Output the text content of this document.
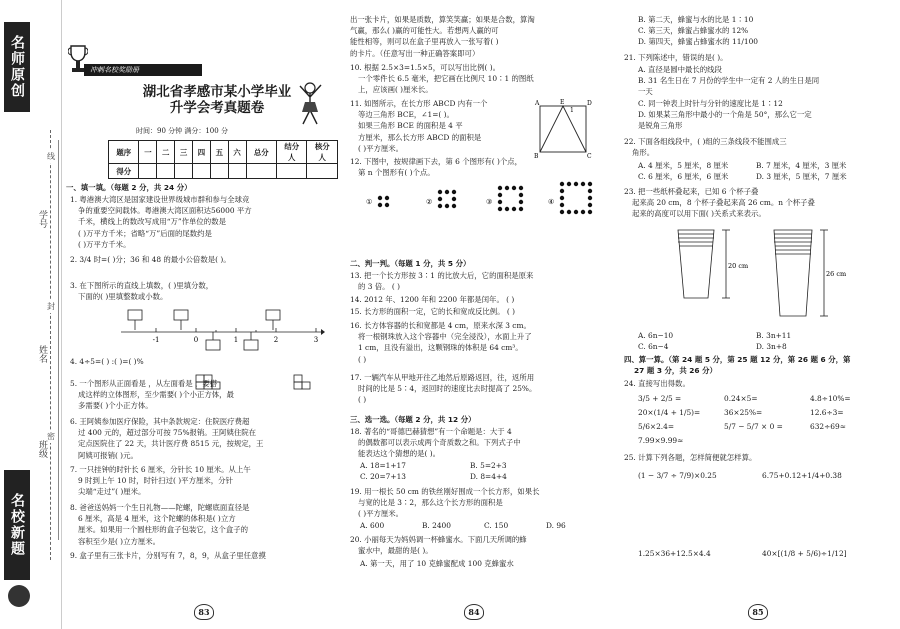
名师原创
线
封
密
学号
姓名
班级
名校新题
冲刺名校奖励册
湖北省孝感市某小学毕业
升学会考真题卷
时间：90 分钟 满分：100 分
题序	一	二	三	四	五	六	总分	结分人	核分人
得分									
一、填一填。（每题 2 分，共 24 分）
1. 粤港澳大湾区是国家建设世界级城市群和参与全球竞
争的重要空间载体。粤港澳大湾区面积达56000 平方
千米，横线上的数改写成用“万”作单位的数是
( )万平方千米；省略“万”后面的尾数约是
( )万平方千米。
2. 3/4 时=( )分；36 和 48 的最小公倍数是( )。
3. 在下图所示的直线上填数，( )里填分数，
下面的( )里填整数或小数。
-1	0	1	2	3
4. 4÷5=( ) :( )=( )%
5. 一个图形从正面看是 ，从左面看是 ，要搭
成这样的立体图形，至少需要( )个小正方体，最
多需要( )个小正方体。
6. 王阿姨参加医疗保险，其中条款规定：住院医疗费超
过 400 元的，超过部分可按 75%报销。王阿姨住院在
定点医院住了 22 天，共计医疗费 8515 元，按规定，王
阿姨可报销( )元。
7. 一只挂钟的时针长 6 厘米，分针长 10 厘米。从上午
9 时到上午 10 时，时针扫过( )平方厘米，分针
尖端“走过”( )厘米。
8. 爸爸送妈妈一个生日礼物——陀螺，陀螺底面直径是
6 厘米，高是 4 厘米，这个陀螺的体积是( )立方
厘米。如果用一个圆柱形的盒子包装它，这个盒子的
容积至少是( )立方厘米。
9. 盒子里有三张卡片，分别写有 7，8，9，从盒子里任意摸
83
出一张卡片，如果是质数，算笑笑赢；如果是合数，算淘
气赢，那么( )赢的可能性大。若想两人赢的可
能性相等，则可以在盒子里再放入一张写着( )
的卡片。（任意写出一种正确答案即可）
10. 根据 2.5×3=1.5×5，可以写出比例( )。
一个零件长 6.5 毫米，把它画在比例尺 10∶1 的图纸
上，应该画( )厘米长。
11. 如图所示，在长方形 ABCD 内有一个
等边三角形 BCE，∠1=( )。
如果三角形 BCE 的面积是 4 平
方厘米，那么长方形 ABCD 的面积是
( )平方厘米。
A	E	D
B	C
1
12. 下图中，按规律画下去，第 6 个图形有( )个点，
第 n 个图形有( )个点。
①	②	③	④
二、判一判。（每题 1 分，共 5 分）
13. 把一个长方形按 3∶1 的比放大后，它的面积是原来
的 3 倍。 ( )
14. 2012 年、1200 年和 2200 年都是闰年。 ( )
15. 长方形的面积一定，它的长和宽成反比例。 ( )
16. 长方体容器的长和宽都是 4 cm，原来水深 3 cm。
将一根钢珠放入这个容器中（完全浸没），水面上升了
1 cm，且没有溢出，这颗钢珠的体积是 64 cm³。
( )
17. 一辆汽车从甲地开往乙地然后原路返回，往，返所用
时间的比是 5∶4，返回时的速度比去时提高了 25%。
( )
三、选一选。（每题 2 分，共 12 分）
18. 著名的“哥德巴赫猜想”有一个命题是：大于 4
的偶数都可以表示成两个奇质数之和。下列式子中
能表达这个猜想的是( )。
A. 18=1+17	B. 5=2+3
C. 20=7+13	D. 8=4+4
19. 用一根长 50 cm 的铁丝刚好围成一个长方形，如果长
与宽的比是 3∶2，那么这个长方形的面积是
( )平方厘米。
A. 600	B. 2400	C. 150	D. 96
20. 小丽每天为妈妈调一杯蜂蜜水。下面几天所调的蜂
蜜水中，最甜的是( )。
A. 第一天，用了 10 克蜂蜜配成 100 克蜂蜜水
84
B. 第二天，蜂蜜与水的比是 1∶10
C. 第三天，蜂蜜占蜂蜜水的 12%
D. 第四天，蜂蜜占蜂蜜水的 11/100
21. 下列陈述中，错误的是( )。
A. 直径是圆中最长的线段
B. 31 名生日在 7 月份的学生中一定有 2 人的生日是同
一天
C. 同一钟表上时针与分针的速度比是 1∶12
D. 如果某三角形中最小的一个角是 50°，那么它一定
是锐角三角形
22. 下面各组线段中，( )组的三条线段不能围成三
角形。
A. 4 厘米，5 厘米，8 厘米	B. 7 厘米，4 厘米，3 厘米
C. 6 厘米，6 厘米，6 厘米	D. 3 厘米，5 厘米，7 厘米
23. 把一些纸杯叠起来，已知 6 个杯子叠
起来高 20 cm，8 个杯子叠起来高 26 cm。n 个杯子叠
起来的高度可以用下面( )关系式来表示。
20 cm
26 cm
A. 6n−10	B. 3n+11
C. 6n−4	D. 3n+8
四、算一算。（第 24 题 5 分，第 25 题 12 分，第 26 题 6 分，第
27 题 3 分，共 26 分）
24. 直接写出得数。
3/5 + 2/5 =	0.24×5=	4.8÷10%=
20×(1/4 + 1/5)=	36×25%=	12.6÷3=
5/6×2.4=	5/7 − 5/7 × 0 =	632÷69≈
7.99×9.99≈
25. 计算下列各题，怎样简便就怎样算。
(1 − 3/7 ÷ 7/9)×0.25	6.75+0.12+1/4+0.38
1.25×36+12.5×4.4	40×[(1/8 + 5/6)÷1/12]
85
